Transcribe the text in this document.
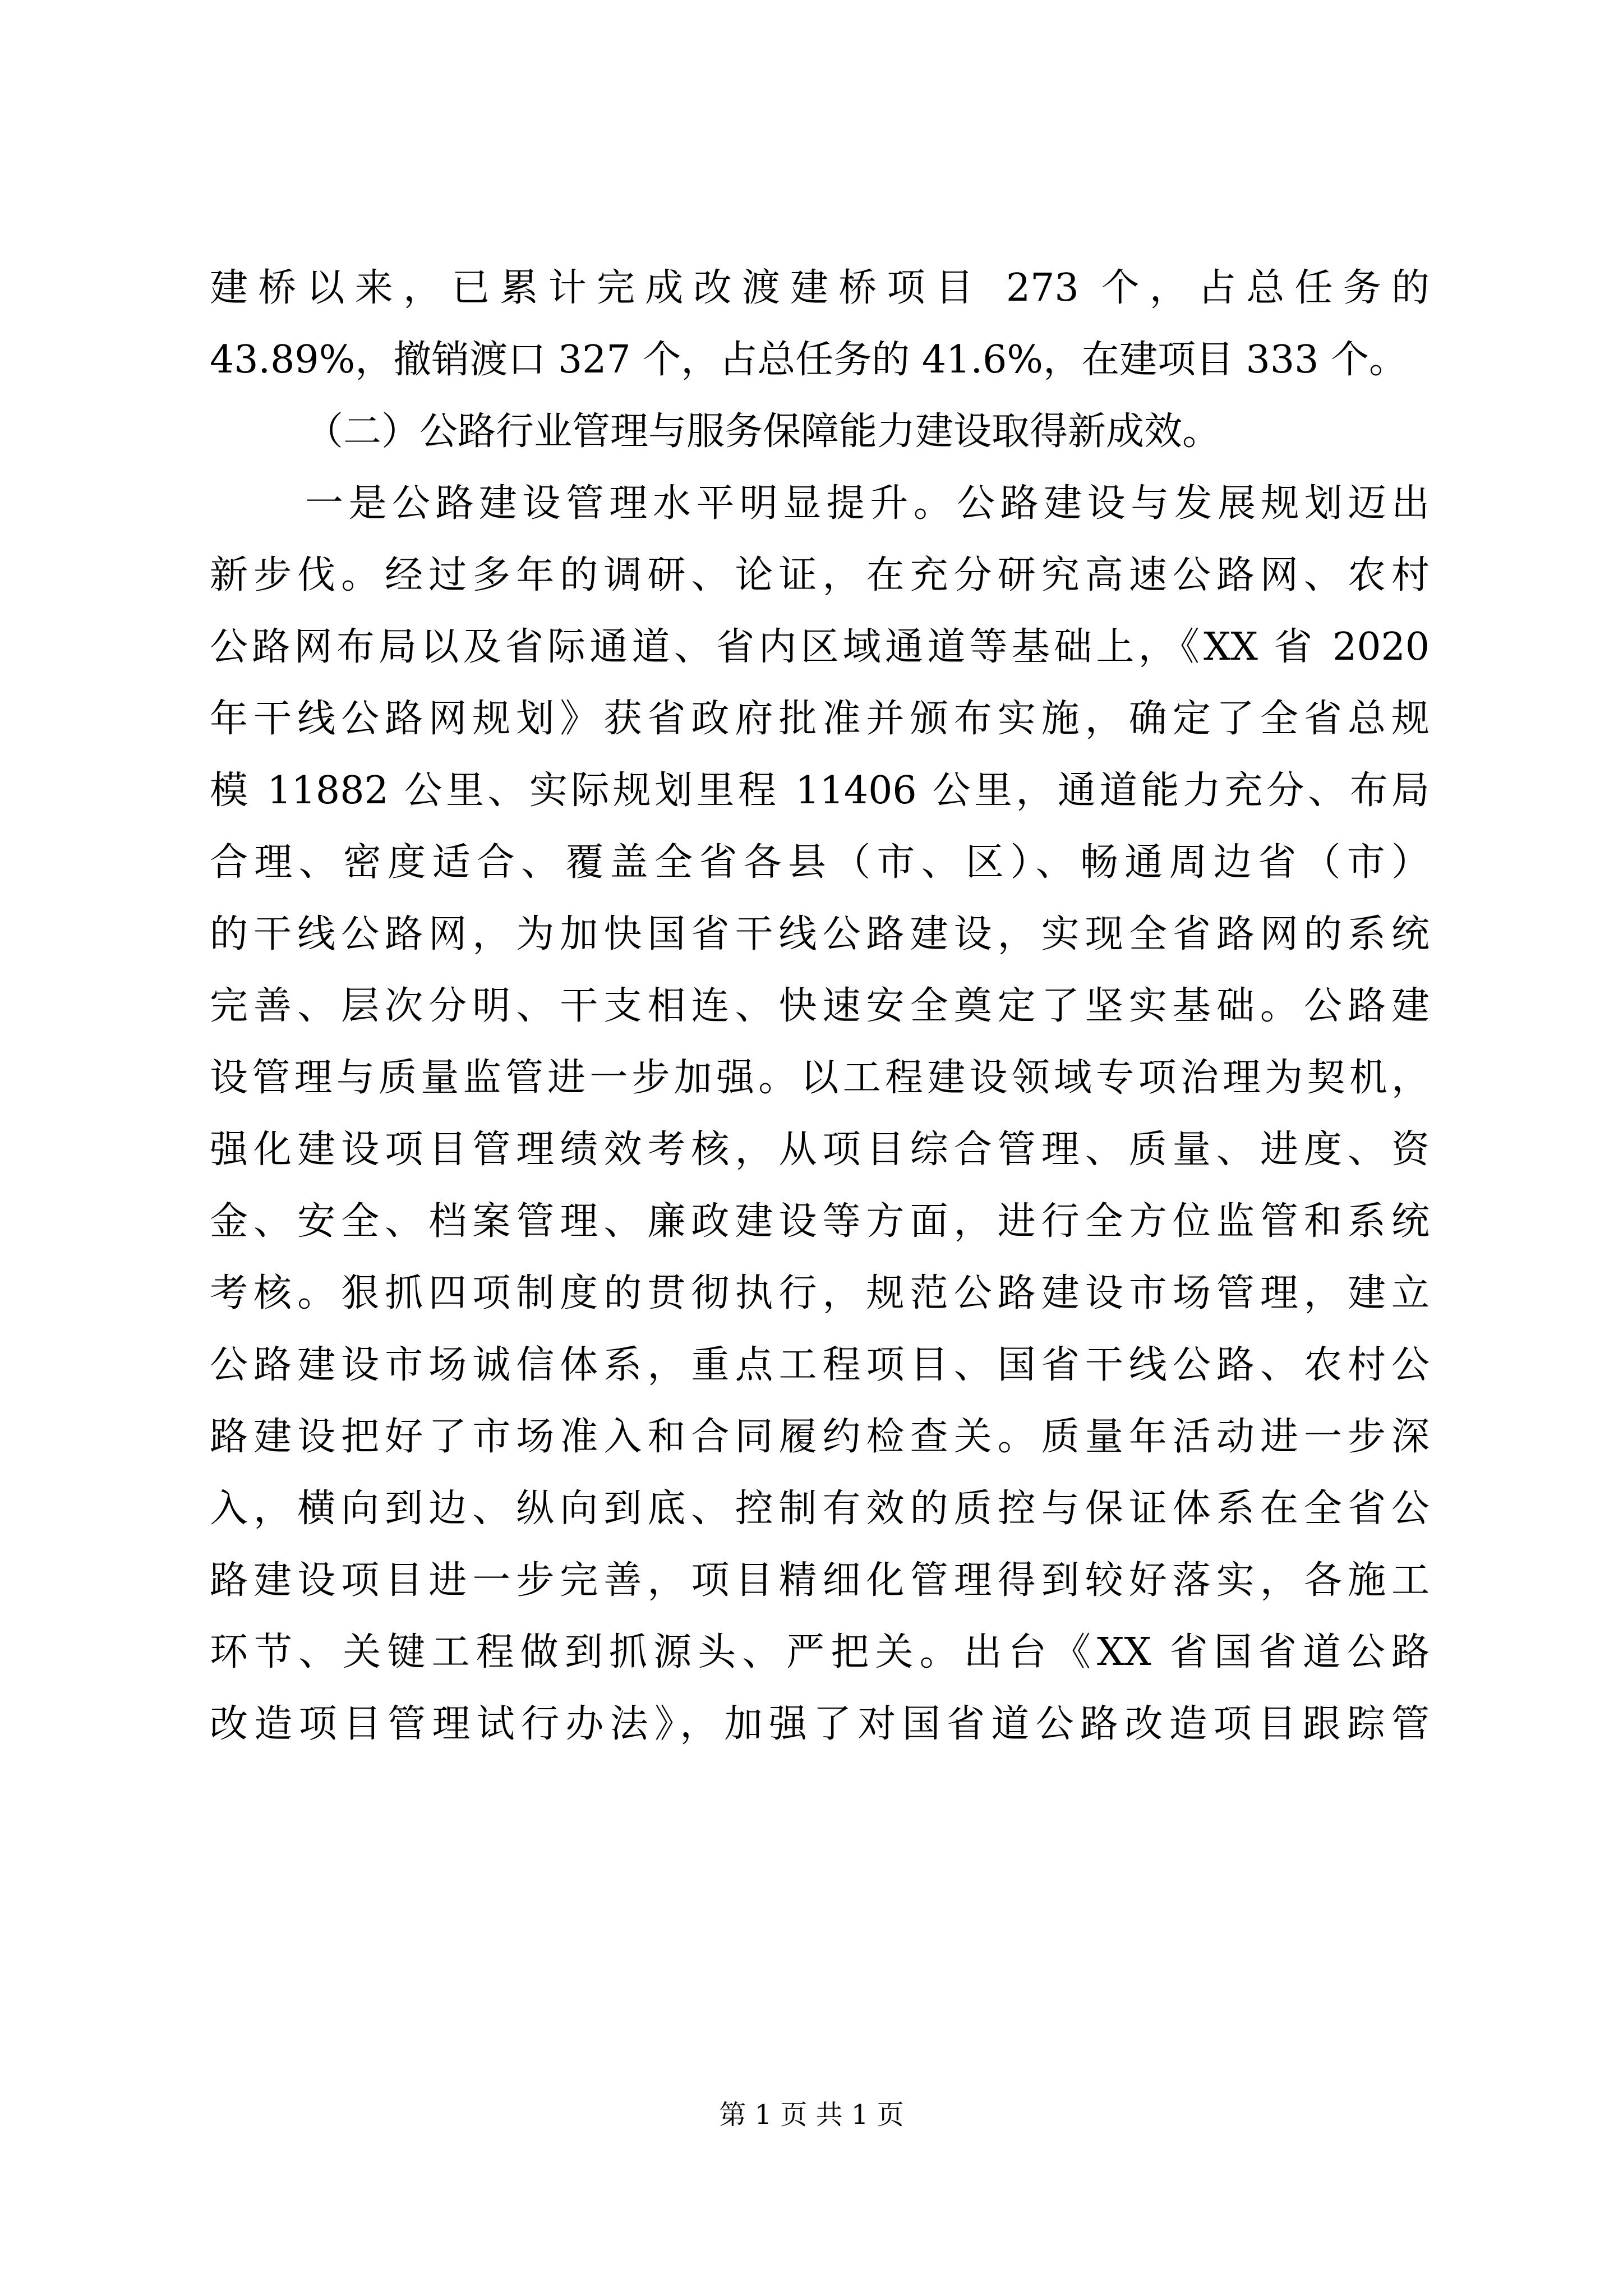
建桥以来，已累计完成改渡建桥项目 273 个，占总任务的
43.89%，撤销渡口 327 个，占总任务的 41.6%，在建项目 333 个。
（二）公路行业管理与服务保障能力建设取得新成效。
一是公路建设管理水平明显提升。公路建设与发展规划迈出
新步伐。经过多年的调研、论证，在充分研究高速公路网、农村
公路网布局以及省际通道、省内区域通道等基础上，《XX 省 2020
年干线公路网规划》获省政府批准并颁布实施，确定了全省总规
模 11882 公里、实际规划里程 11406 公里，通道能力充分、布局
合理、密度适合、覆盖全省各县（市、区）、畅通周边省（市）
的干线公路网，为加快国省干线公路建设，实现全省路网的系统
完善、层次分明、干支相连、快速安全奠定了坚实基础。公路建
设管理与质量监管进一步加强。以工程建设领域专项治理为契机，
强化建设项目管理绩效考核，从项目综合管理、质量、进度、资
金、安全、档案管理、廉政建设等方面，进行全方位监管和系统
考核。狠抓四项制度的贯彻执行，规范公路建设市场管理，建立
公路建设市场诚信体系，重点工程项目、国省干线公路、农村公
路建设把好了市场准入和合同履约检查关。质量年活动进一步深
入，横向到边、纵向到底、控制有效的质控与保证体系在全省公
路建设项目进一步完善，项目精细化管理得到较好落实，各施工
环节、关键工程做到抓源头、严把关。出台《XX 省国省道公路
改造项目管理试行办法》，加强了对国省道公路改造项目跟踪管
第 1 页 共 1 页
